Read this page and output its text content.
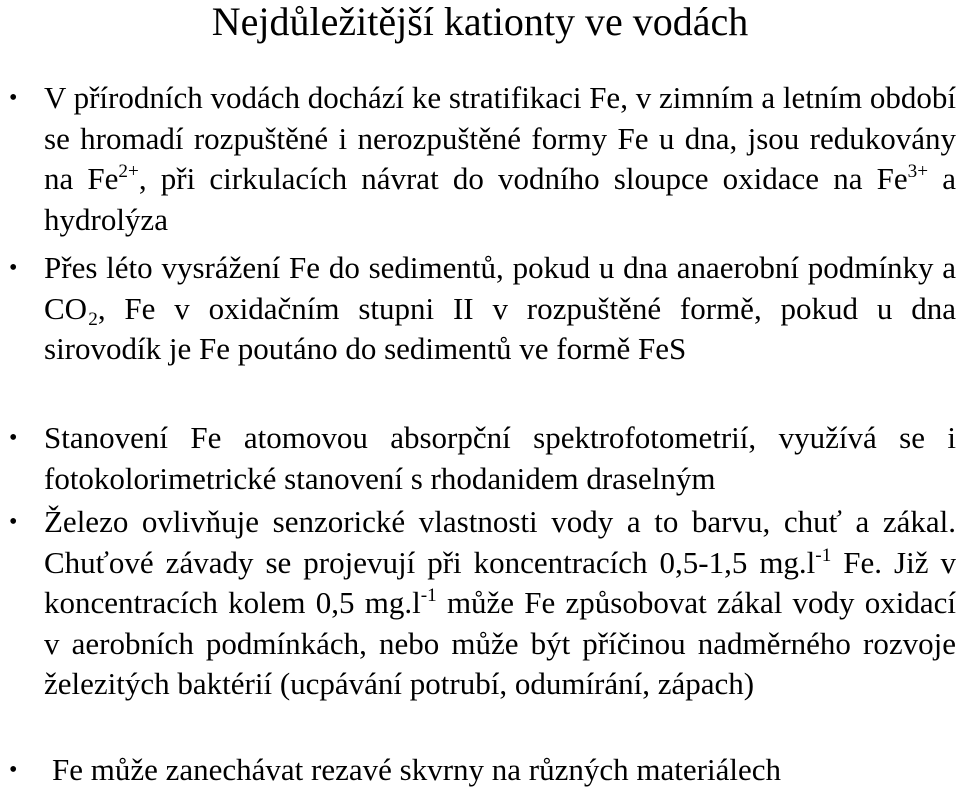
Nejdůležitější kationty ve vodách
• V přírodních vodách dochází ke stratifikaci Fe, v zimním a letním období se hromadí rozpuštěné i nerozpuštěné formy Fe u dna, jsou redukovány na $Fe^{2+}$, při cirkulacích návrat do vodního sloupce oxidace na $Fe^{3+}$ a hydrolýza
• Přes léto vysrážení Fe do sedimentů, pokud u dna anaerobní podmínky a $CO_2$, Fe v oxidačním stupni II v rozpuštěné formě, pokud u dna sirovodík je Fe poutáno do sedimentů ve formě FeS
• Stanovení Fe atomovou absorpční spektrofotometrií, využívá se i fotokolorimetrické stanovení s rhodanidem draselným
• Železo ovlivňuje senzorické vlastnosti vody a to barvu, chuť a zákal. Chuťové závady se projevují při koncentracích 0,5-1,5 $mg.l^{-1}$ Fe. Již v koncentracích kolem 0,5 $mg.l^{-1}$ může Fe způsobovat zákal vody oxidací v aerobních podmínkách, nebo může být příčinou nadměrného rozvoje železitých baktérií (ucpávání potrubí, odumírání, zápach)
• Fe může zanechávat rezavé skvrny na různých materiálech
